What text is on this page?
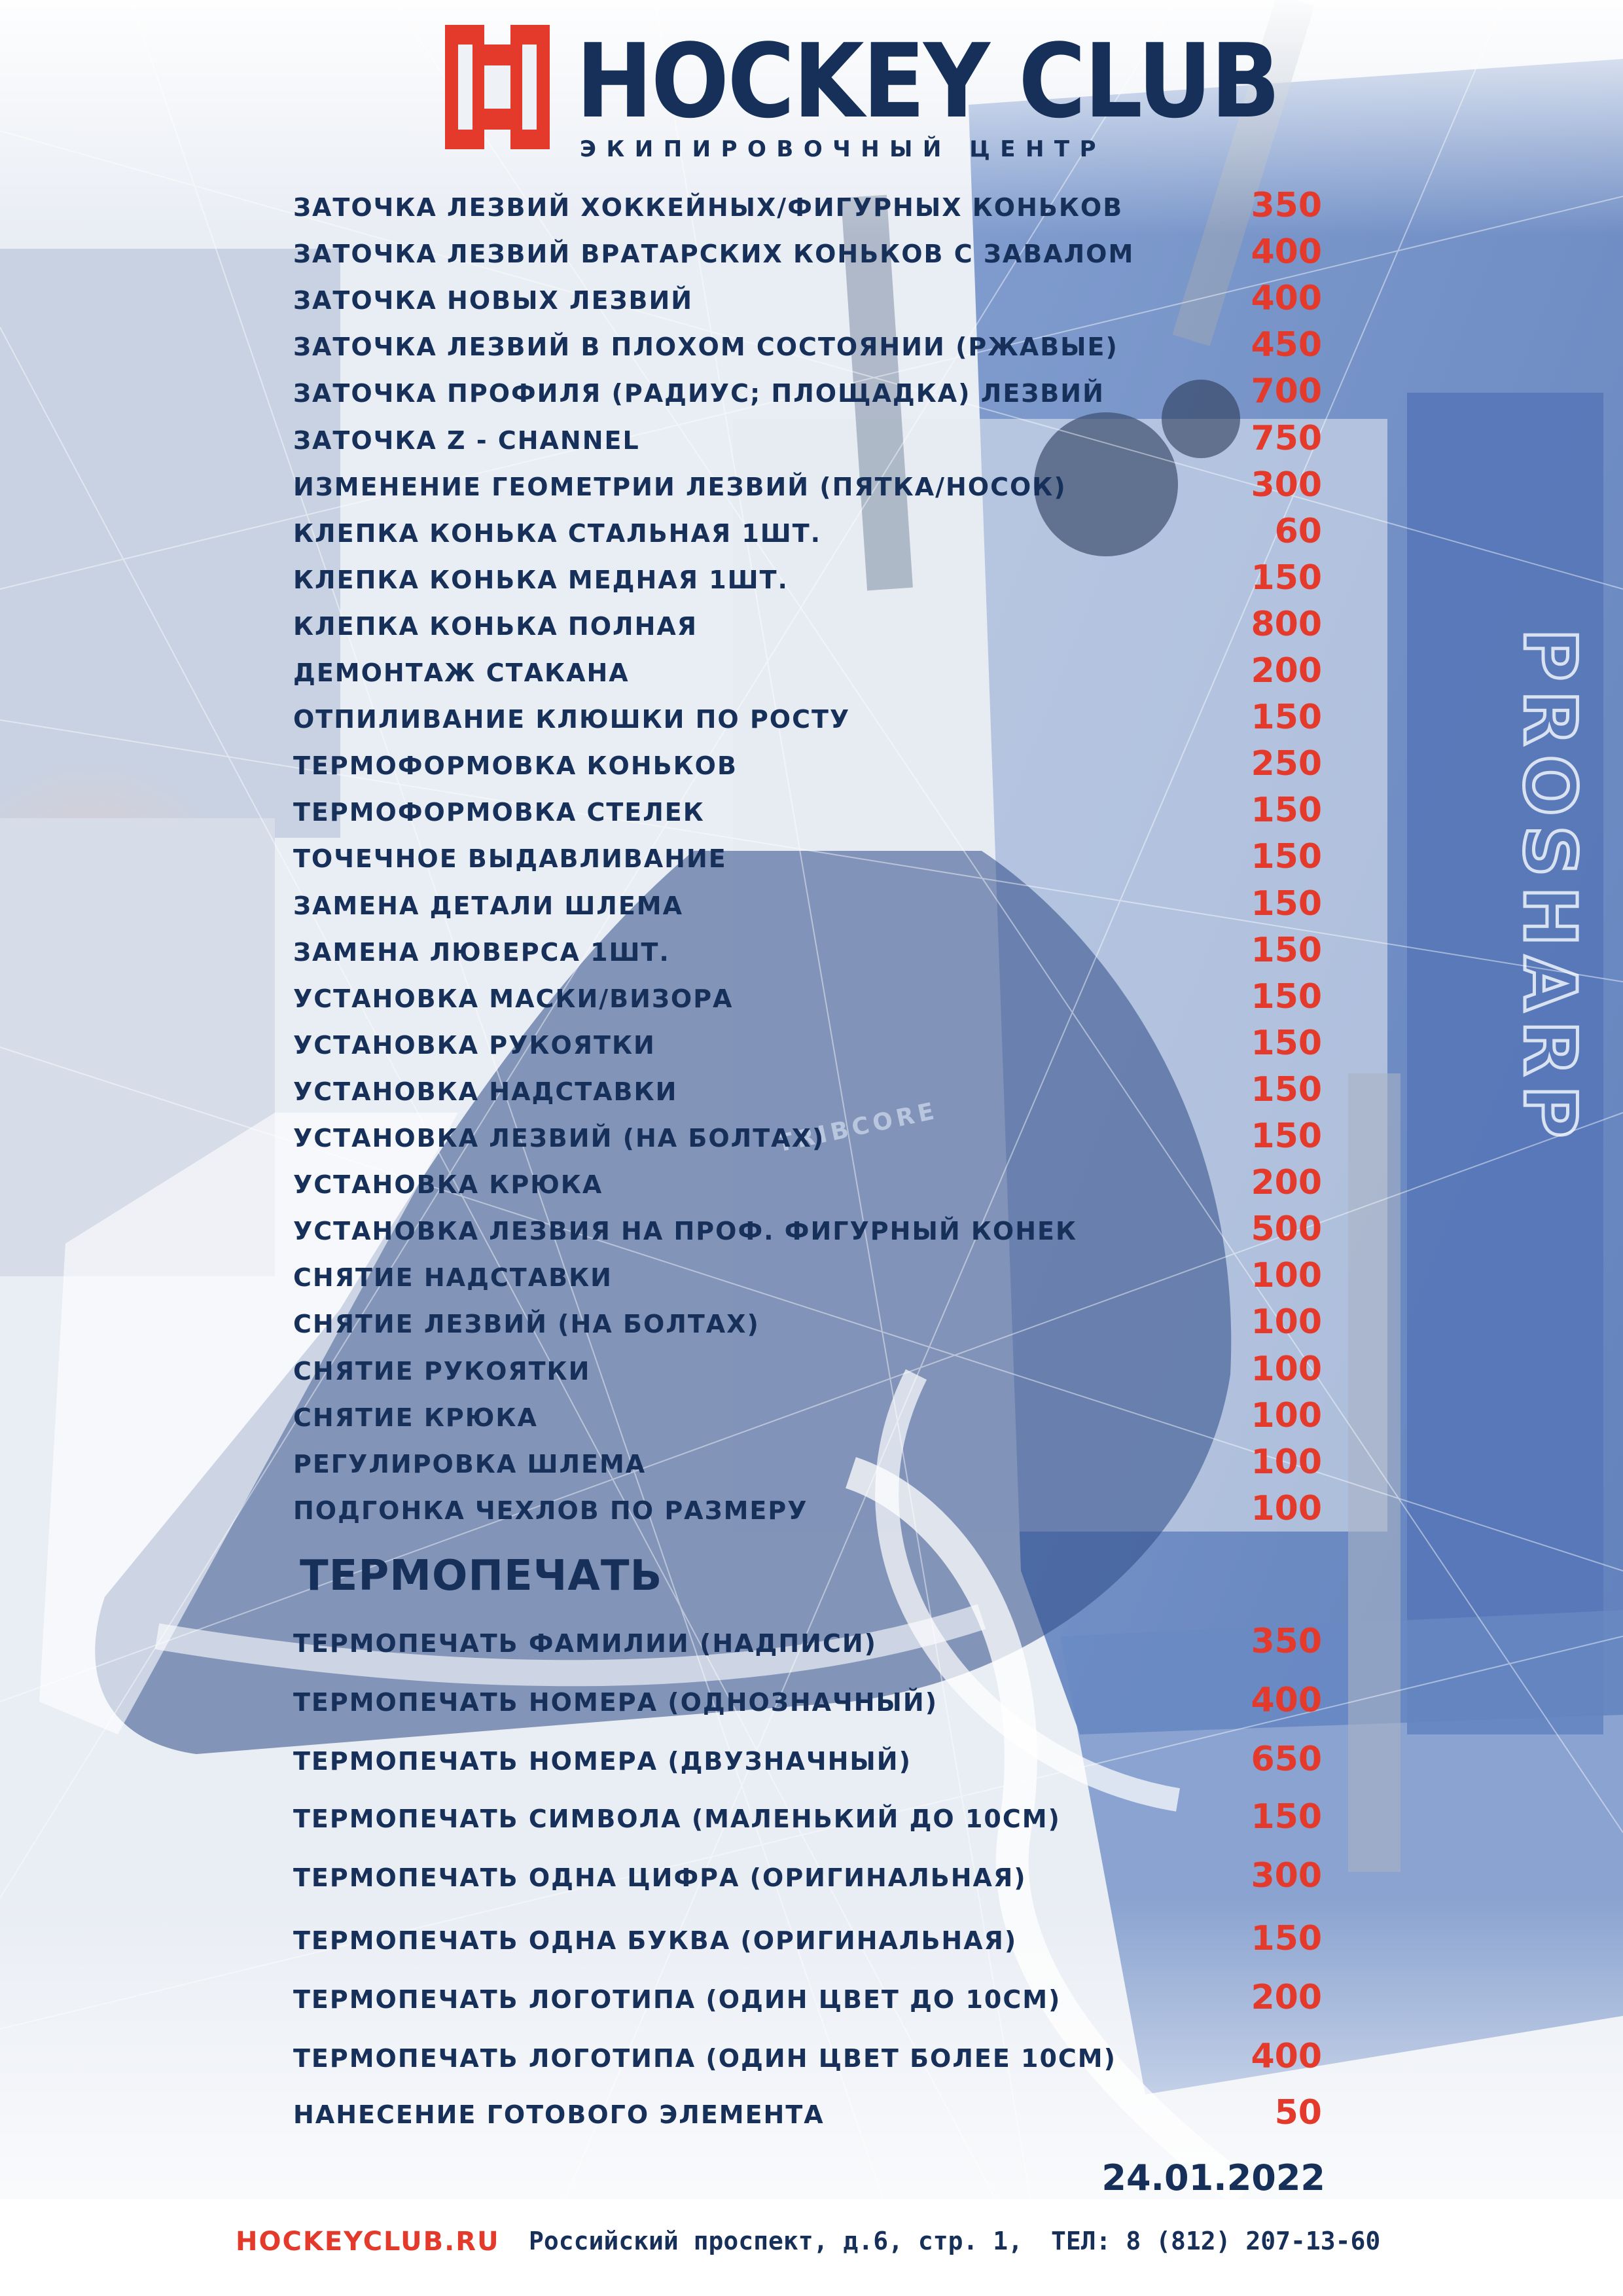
PROSHARP
TRIBCORE
HOCKEY CLUB
ЭКИПИРОВОЧНЫЙ ЦЕНТР
ЗАТОЧКА ЛЕЗВИЙ ХОККЕЙНЫХ/ФИГУРНЫХ КОНЬКОВ	350
ЗАТОЧКА ЛЕЗВИЙ ВРАТАРСКИХ КОНЬКОВ С ЗАВАЛОМ	400
ЗАТОЧКА НОВЫХ ЛЕЗВИЙ	400
ЗАТОЧКА ЛЕЗВИЙ В ПЛОХОМ СОСТОЯНИИ (РЖАВЫЕ)	450
ЗАТОЧКА ПРОФИЛЯ (РАДИУС; ПЛОЩАДКА) ЛЕЗВИЙ	700
ЗАТОЧКА Z - CHANNEL	750
ИЗМЕНЕНИЕ ГЕОМЕТРИИ ЛЕЗВИЙ (ПЯТКА/НОСОК)	300
КЛЕПКА КОНЬКА СТАЛЬНАЯ 1ШТ.	60
КЛЕПКА КОНЬКА МЕДНАЯ 1ШТ.	150
КЛЕПКА КОНЬКА ПОЛНАЯ	800
ДЕМОНТАЖ СТАКАНА	200
ОТПИЛИВАНИЕ КЛЮШКИ ПО РОСТУ	150
ТЕРМОФОРМОВКА КОНЬКОВ	250
ТЕРМОФОРМОВКА СТЕЛЕК	150
ТОЧЕЧНОЕ ВЫДАВЛИВАНИЕ	150
ЗАМЕНА ДЕТАЛИ ШЛЕМА	150
ЗАМЕНА ЛЮВЕРСА 1ШТ.	150
УСТАНОВКА МАСКИ/ВИЗОРА	150
УСТАНОВКА РУКОЯТКИ	150
УСТАНОВКА НАДСТАВКИ	150
УСТАНОВКА ЛЕЗВИЙ (НА БОЛТАХ)	150
УСТАНОВКА КРЮКА	200
УСТАНОВКА ЛЕЗВИЯ НА ПРОФ. ФИГУРНЫЙ КОНЕК	500
СНЯТИЕ НАДСТАВКИ	100
СНЯТИЕ ЛЕЗВИЙ (НА БОЛТАХ)	100
СНЯТИЕ РУКОЯТКИ	100
СНЯТИЕ КРЮКА	100
РЕГУЛИРОВКА ШЛЕМА	100
ПОДГОНКА ЧЕХЛОВ ПО РАЗМЕРУ	100
ТЕРМОПЕЧАТЬ
ТЕРМОПЕЧАТЬ ФАМИЛИИ (НАДПИСИ)	350
ТЕРМОПЕЧАТЬ НОМЕРА (ОДНОЗНАЧНЫЙ)	400
ТЕРМОПЕЧАТЬ НОМЕРА (ДВУЗНАЧНЫЙ)	650
ТЕРМОПЕЧАТЬ СИМВОЛА (МАЛЕНЬКИЙ ДО 10СМ)	150
ТЕРМОПЕЧАТЬ ОДНА ЦИФРА (ОРИГИНАЛЬНАЯ)	300
ТЕРМОПЕЧАТЬ ОДНА БУКВА (ОРИГИНАЛЬНАЯ)	150
ТЕРМОПЕЧАТЬ ЛОГОТИПА (ОДИН ЦВЕТ ДО 10СМ)	200
ТЕРМОПЕЧАТЬ ЛОГОТИПА (ОДИН ЦВЕТ БОЛЕЕ 10СМ)	400
НАНЕСЕНИЕ ГОТОВОГО ЭЛЕМЕНТА	50
24.01.2022
HOCKEYCLUB.RU Российский проспект, д.6, стр. 1, ТЕЛ: 8 (812) 207-13-60
